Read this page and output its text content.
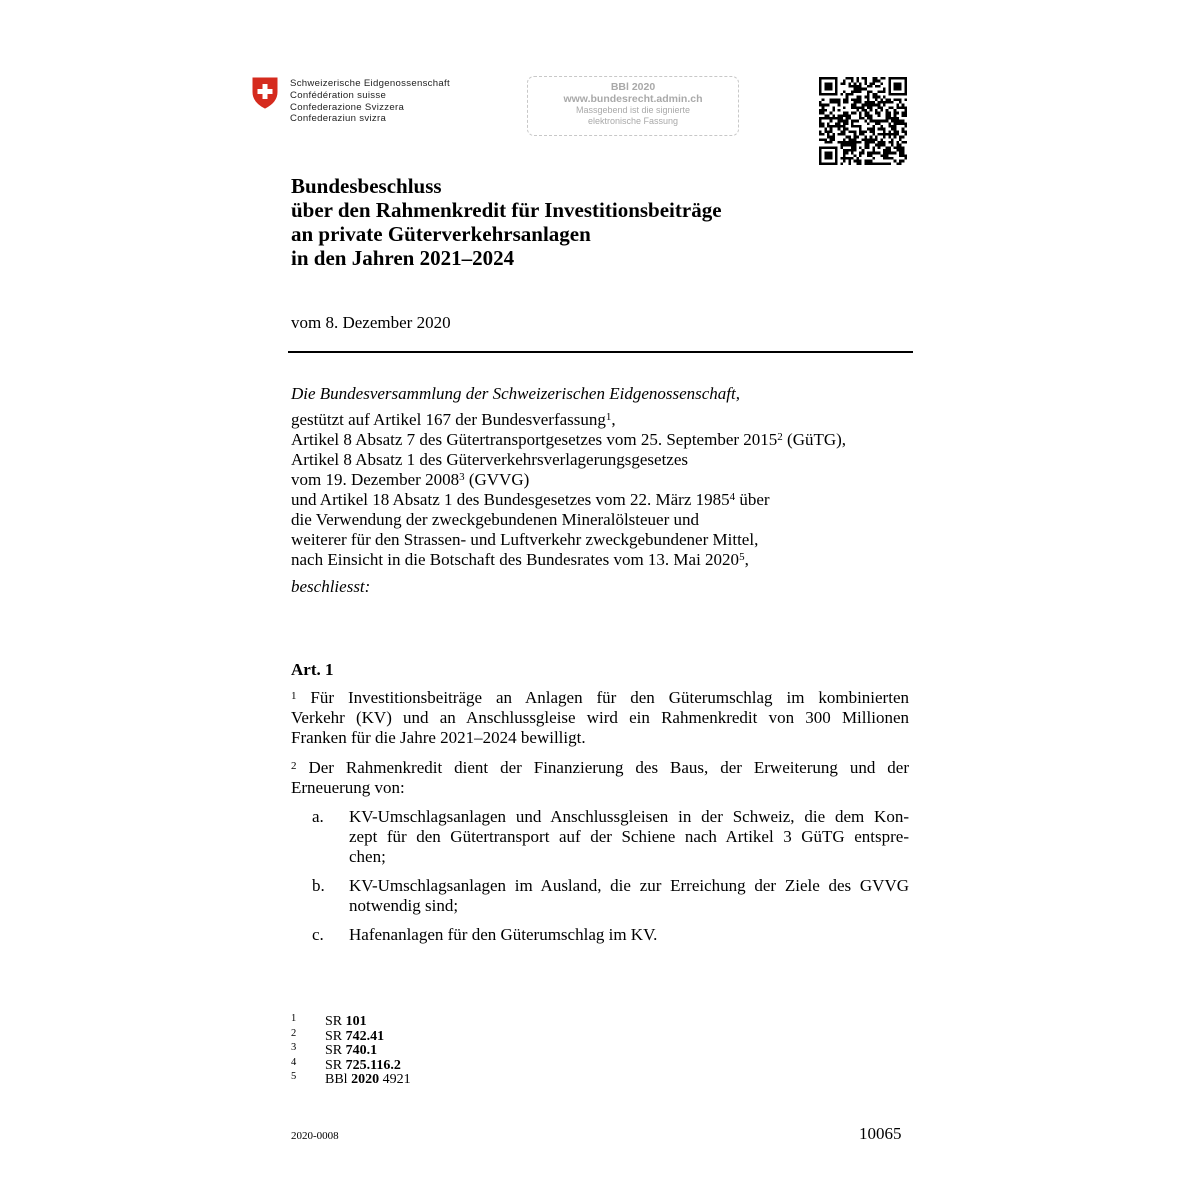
Schweizerische Eidgenossenschaft
Confédération suisse
Confederazione Svizzera
Confederaziun svizra
BBl 2020
www.bundesrecht.admin.ch
Massgebend ist die signierte
elektronische Fassung
Bundesbeschluss
über den Rahmenkredit für Investitionsbeiträge
an private Güterverkehrsanlagen
in den Jahren 2021–2024
vom 8. Dezember 2020
Die Bundesversammlung der Schweizerischen Eidgenossenschaft,
gestützt auf Artikel 167 der Bundesverfassung$^1$,
Artikel 8 Absatz 7 des Gütertransportgesetzes vom 25. September 2015$^2$ (GüTG),
Artikel 8 Absatz 1 des Güterverkehrsverlagerungsgesetzes
vom 19. Dezember 2008$^3$ (GVVG)
und Artikel 18 Absatz 1 des Bundesgesetzes vom 22. März 1985$^4$ über
die Verwendung der zweckgebundenen Mineralölsteuer und
weiterer für den Strassen- und Luftverkehr zweckgebundener Mittel,
nach Einsicht in die Botschaft des Bundesrates vom 13. Mai 2020$^5$,
beschliesst:
Art. 1
$^1$ Für Investitionsbeiträge an Anlagen für den Güterumschlag im kombinierten
Verkehr (KV) und an Anschlussgleise wird ein Rahmenkredit von 300 Millionen
Franken für die Jahre 2021–2024 bewilligt.
$^2$ Der Rahmenkredit dient der Finanzierung des Baus, der Erweiterung und der
Erneuerung von:
a. KV-Umschlagsanlagen und Anschlussgleisen in der Schweiz, die dem Kon-
zept für den Gütertransport auf der Schiene nach Artikel 3 GüTG entspre-
chen;
b. KV-Umschlagsanlagen im Ausland, die zur Erreichung der Ziele des GVVG
notwendig sind;
c. Hafenanlagen für den Güterumschlag im KV.
1 SR 101
2 SR 742.41
3 SR 740.1
4 SR 725.116.2
5 BBl 2020 4921
2020-0008	10065
